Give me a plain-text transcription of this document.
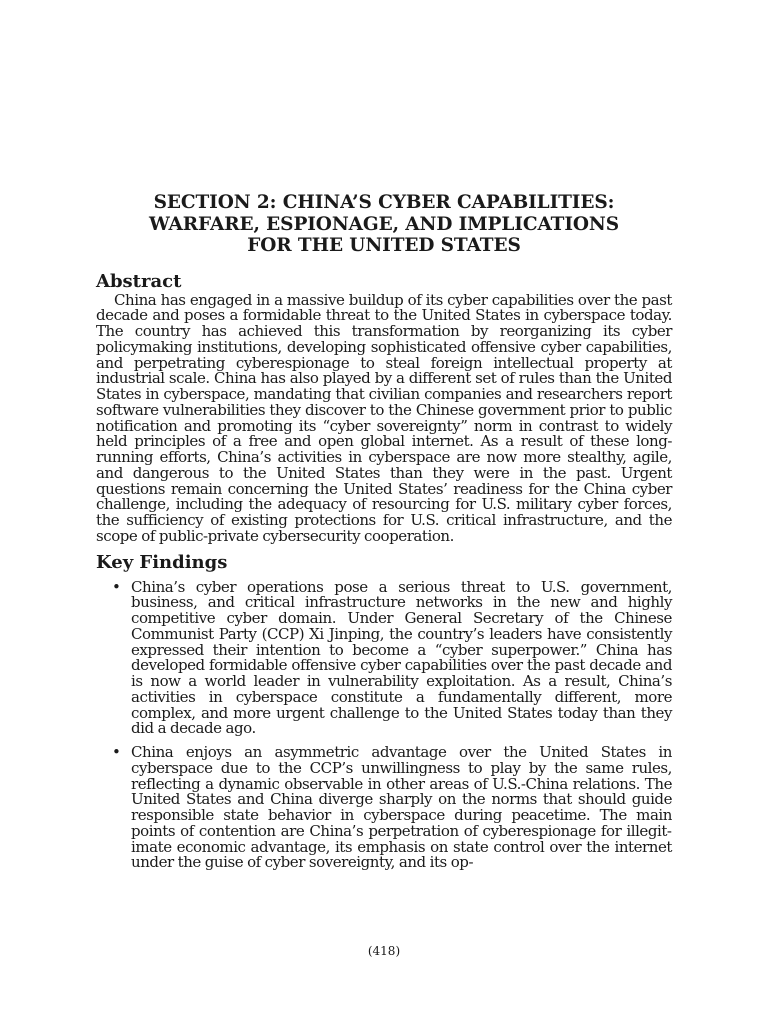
SECTION 2: CHINA’S CYBER CAPABILITIES:
WARFARE, ESPIONAGE, AND IMPLICATIONS
FOR THE UNITED STATES
Abstract

China has engaged in a massive buildup of its cyber capabilities over the past decade and poses a formidable threat to the United States in cyberspace today. The country has achieved this transformation by reorganizing its cyber policymaking institutions, developing sophisticated offensive cyber capabilities, and perpetrating cyberespionage to steal foreign intellectual property at industrial scale. China has also played by a different set of rules than the United States in cyberspace, mandating that civilian companies and researchers report software vulnerabilities they discover to the Chinese government prior to public notification and promoting its “cyber sovereignty” norm in contrast to widely held principles of a free and open global internet. As a result of these long-running efforts, China’s activities in cyberspace are now more stealthy, agile, and dangerous to the United States than they were in the past. Urgent questions remain concerning the United States’ readiness for the China cyber challenge, including the adequacy of resourcing for U.S. military cyber forces, the sufficiency of existing protections for U.S. critical infrastructure, and the scope of public-private cybersecurity cooperation.

Key Findings
• China’s cyber operations pose a serious threat to U.S. government, business, and critical infrastructure networks in the new and highly competitive cyber domain. Under General Secretary of the Chinese Communist Party (CCP) Xi Jinping, the country’s leaders have consistently expressed their intention to become a “cyber superpower.” China has developed formidable offensive cyber capabilities over the past decade and is now a world leader in vulnerability exploitation. As a result, China’s activities in cyberspace constitute a fundamentally different, more complex, and more urgent challenge to the United States today than they did a decade ago.
• China enjoys an asymmetric advantage over the United States in cyberspace due to the CCP’s unwillingness to play by the same rules, reflecting a dynamic observable in other areas of U.S.-China relations. The United States and China diverge sharply on the norms that should guide responsible state behavior in cyberspace during peacetime. The main points of contention are China’s perpetration of cyberespionage for illegitimate economic advantage, its emphasis on state control over the internet under the guise of cyber sovereignty, and its op-
(418)
